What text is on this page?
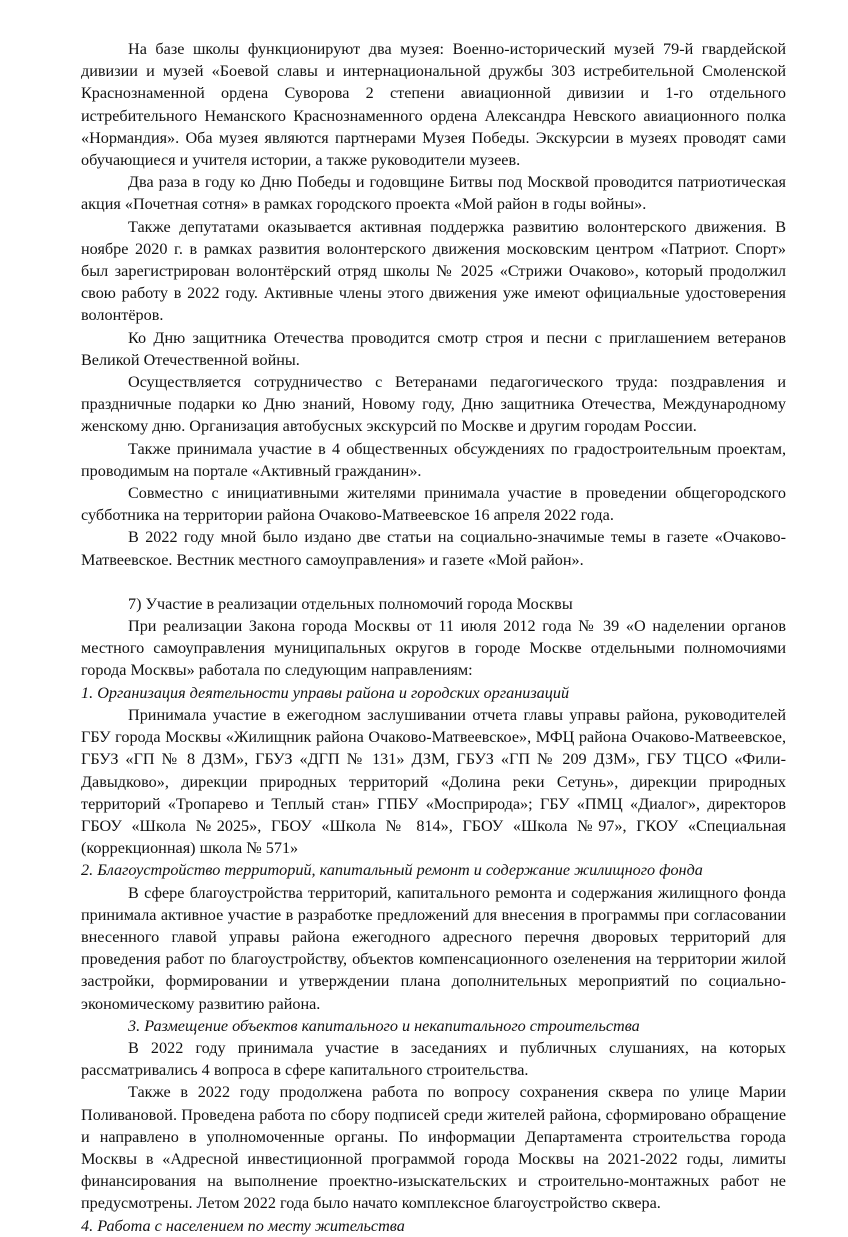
На базе школы функционируют два музея: Военно-исторический музей 79-й гвардейской дивизии и музей «Боевой славы и интернациональной дружбы 303 истребительной Смоленской Краснознаменной ордена Суворова 2 степени авиационной дивизии и 1-го отдельного истребительного Неманского Краснознаменного ордена Александра Невского авиационного полка «Нормандия». Оба музея являются партнерами Музея Победы. Экскурсии в музеях проводят сами обучающиеся и учителя истории, а также руководители музеев.

Два раза в году ко Дню Победы и годовщине Битвы под Москвой проводится патриотическая акция «Почетная сотня» в рамках городского проекта «Мой район в годы войны».

Также депутатами оказывается активная поддержка развитию волонтерского движения. В ноябре 2020 г. в рамках развития волонтерского движения московским центром «Патриот. Спорт» был зарегистрирован волонтёрский отряд школы № 2025 «Стрижи Очаково», который продолжил свою работу в 2022 году. Активные члены этого движения уже имеют официальные удостоверения волонтёров.

Ко Дню защитника Отечества проводится смотр строя и песни с приглашением ветеранов Великой Отечественной войны.

Осуществляется сотрудничество с Ветеранами педагогического труда: поздравления и праздничные подарки ко Дню знаний, Новому году, Дню защитника Отечества, Международному женскому дню. Организация автобусных экскурсий по Москве и другим городам России.

Также принимала участие в 4 общественных обсуждениях по градостроительным проектам, проводимым на портале «Активный гражданин».

Совместно с инициативными жителями принимала участие в проведении общегородского субботника на территории района Очаково-Матвеевское 16 апреля 2022 года.

В 2022 году мной было издано две статьи на социально-значимые темы в газете «Очаково-Матвеевское. Вестник местного самоуправления» и газете «Мой район».

7) Участие в реализации отдельных полномочий города Москвы

При реализации Закона города Москвы от 11 июля 2012 года № 39 «О наделении органов местного самоуправления муниципальных округов в городе Москве отдельными полномочиями города Москвы» работала по следующим направлениям:

1. Организация деятельности управы района и городских организаций

Принимала участие в ежегодном заслушивании отчета главы управы района, руководителей ГБУ города Москвы «Жилищник района Очаково-Матвеевское», МФЦ района Очаково-Матвеевское, ГБУЗ «ГП № 8 ДЗМ», ГБУЗ «ДГП № 131» ДЗМ, ГБУЗ «ГП № 209 ДЗМ», ГБУ ТЦСО «Фили-Давыдково», дирекции природных территорий «Долина реки Сетунь», дирекции природных территорий «Тропарево и Теплый стан» ГПБУ «Мосприрода»; ГБУ «ПМЦ «Диалог», директоров ГБОУ «Школа №2025», ГБОУ «Школа № 814», ГБОУ «Школа №97», ГКОУ «Специальная (коррекционная) школа № 571»

2. Благоустройство территорий, капитальный ремонт и содержание жилищного фонда

В сфере благоустройства территорий, капитального ремонта и содержания жилищного фонда принимала активное участие в разработке предложений для внесения в программы при согласовании внесенного главой управы района ежегодного адресного перечня дворовых территорий для проведения работ по благоустройству, объектов компенсационного озеленения на территории жилой застройки, формировании и утверждении плана дополнительных мероприятий по социально-экономическому развитию района.

3. Размещение объектов капитального и некапитального строительства

В 2022 году принимала участие в заседаниях и публичных слушаниях, на которых рассматривались 4 вопроса в сфере капитального строительства.

Также в 2022 году продолжена работа по вопросу сохранения сквера по улице Марии Поливановой. Проведена работа по сбору подписей среди жителей района, сформировано обращение и направлено в уполномоченные органы. По информации Департамента строительства города Москвы в «Адресной инвестиционной программой города Москвы на 2021-2022 годы, лимиты финансирования на выполнение проектно-изыскательских и строительно-монтажных работ не предусмотрены. Летом 2022 года было начато комплексное благоустройство сквера.

4. Работа с населением по месту жительства
